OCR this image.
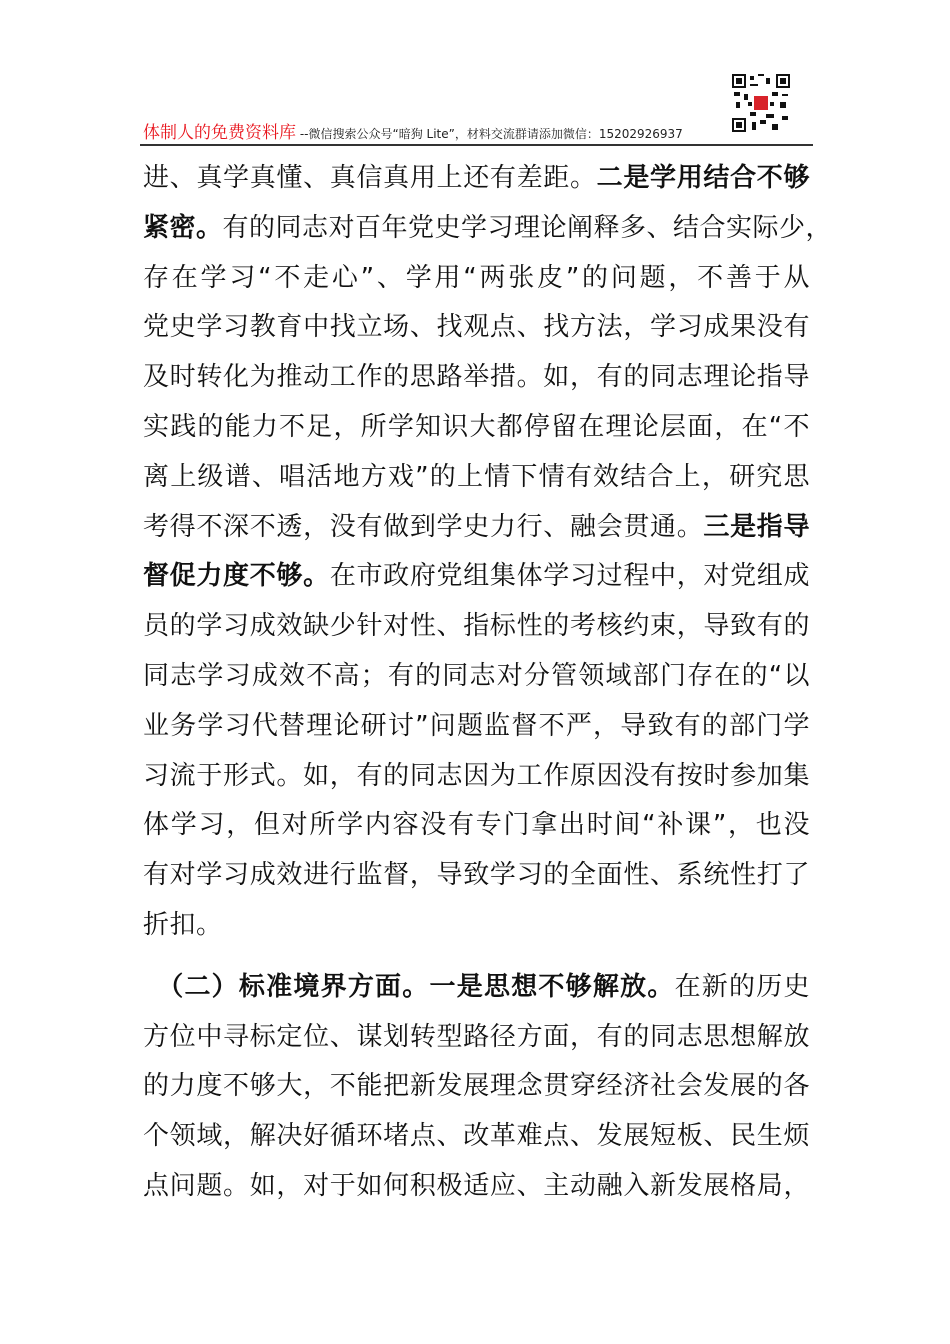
体制人的免费资料库 --微信搜索公众号“暗狗 Lite”，材料交流群请添加微信：15202926937
进、真学真懂、真信真用上还有差距。二是学用结合不够
紧密。有的同志对百年党史学习理论阐释多、结合实际少，
存在学习“不走心”、学用“两张皮”的问题，不善于从
党史学习教育中找立场、找观点、找方法，学习成果没有
及时转化为推动工作的思路举措。如，有的同志理论指导
实践的能力不足，所学知识大都停留在理论层面，在“不
离上级谱、唱活地方戏”的上情下情有效结合上，研究思
考得不深不透，没有做到学史力行、融会贯通。三是指导
督促力度不够。在市政府党组集体学习过程中，对党组成
员的学习成效缺少针对性、指标性的考核约束，导致有的
同志学习成效不高；有的同志对分管领域部门存在的“以
业务学习代替理论研讨”问题监督不严，导致有的部门学
习流于形式。如，有的同志因为工作原因没有按时参加集
体学习，但对所学内容没有专门拿出时间“补课”，也没
有对学习成效进行监督，导致学习的全面性、系统性打了
折扣。
　（二）标准境界方面。一是思想不够解放。在新的历史
方位中寻标定位、谋划转型路径方面，有的同志思想解放
的力度不够大，不能把新发展理念贯穿经济社会发展的各
个领域，解决好循环堵点、改革难点、发展短板、民生烦
点问题。如，对于如何积极适应、主动融入新发展格局，
